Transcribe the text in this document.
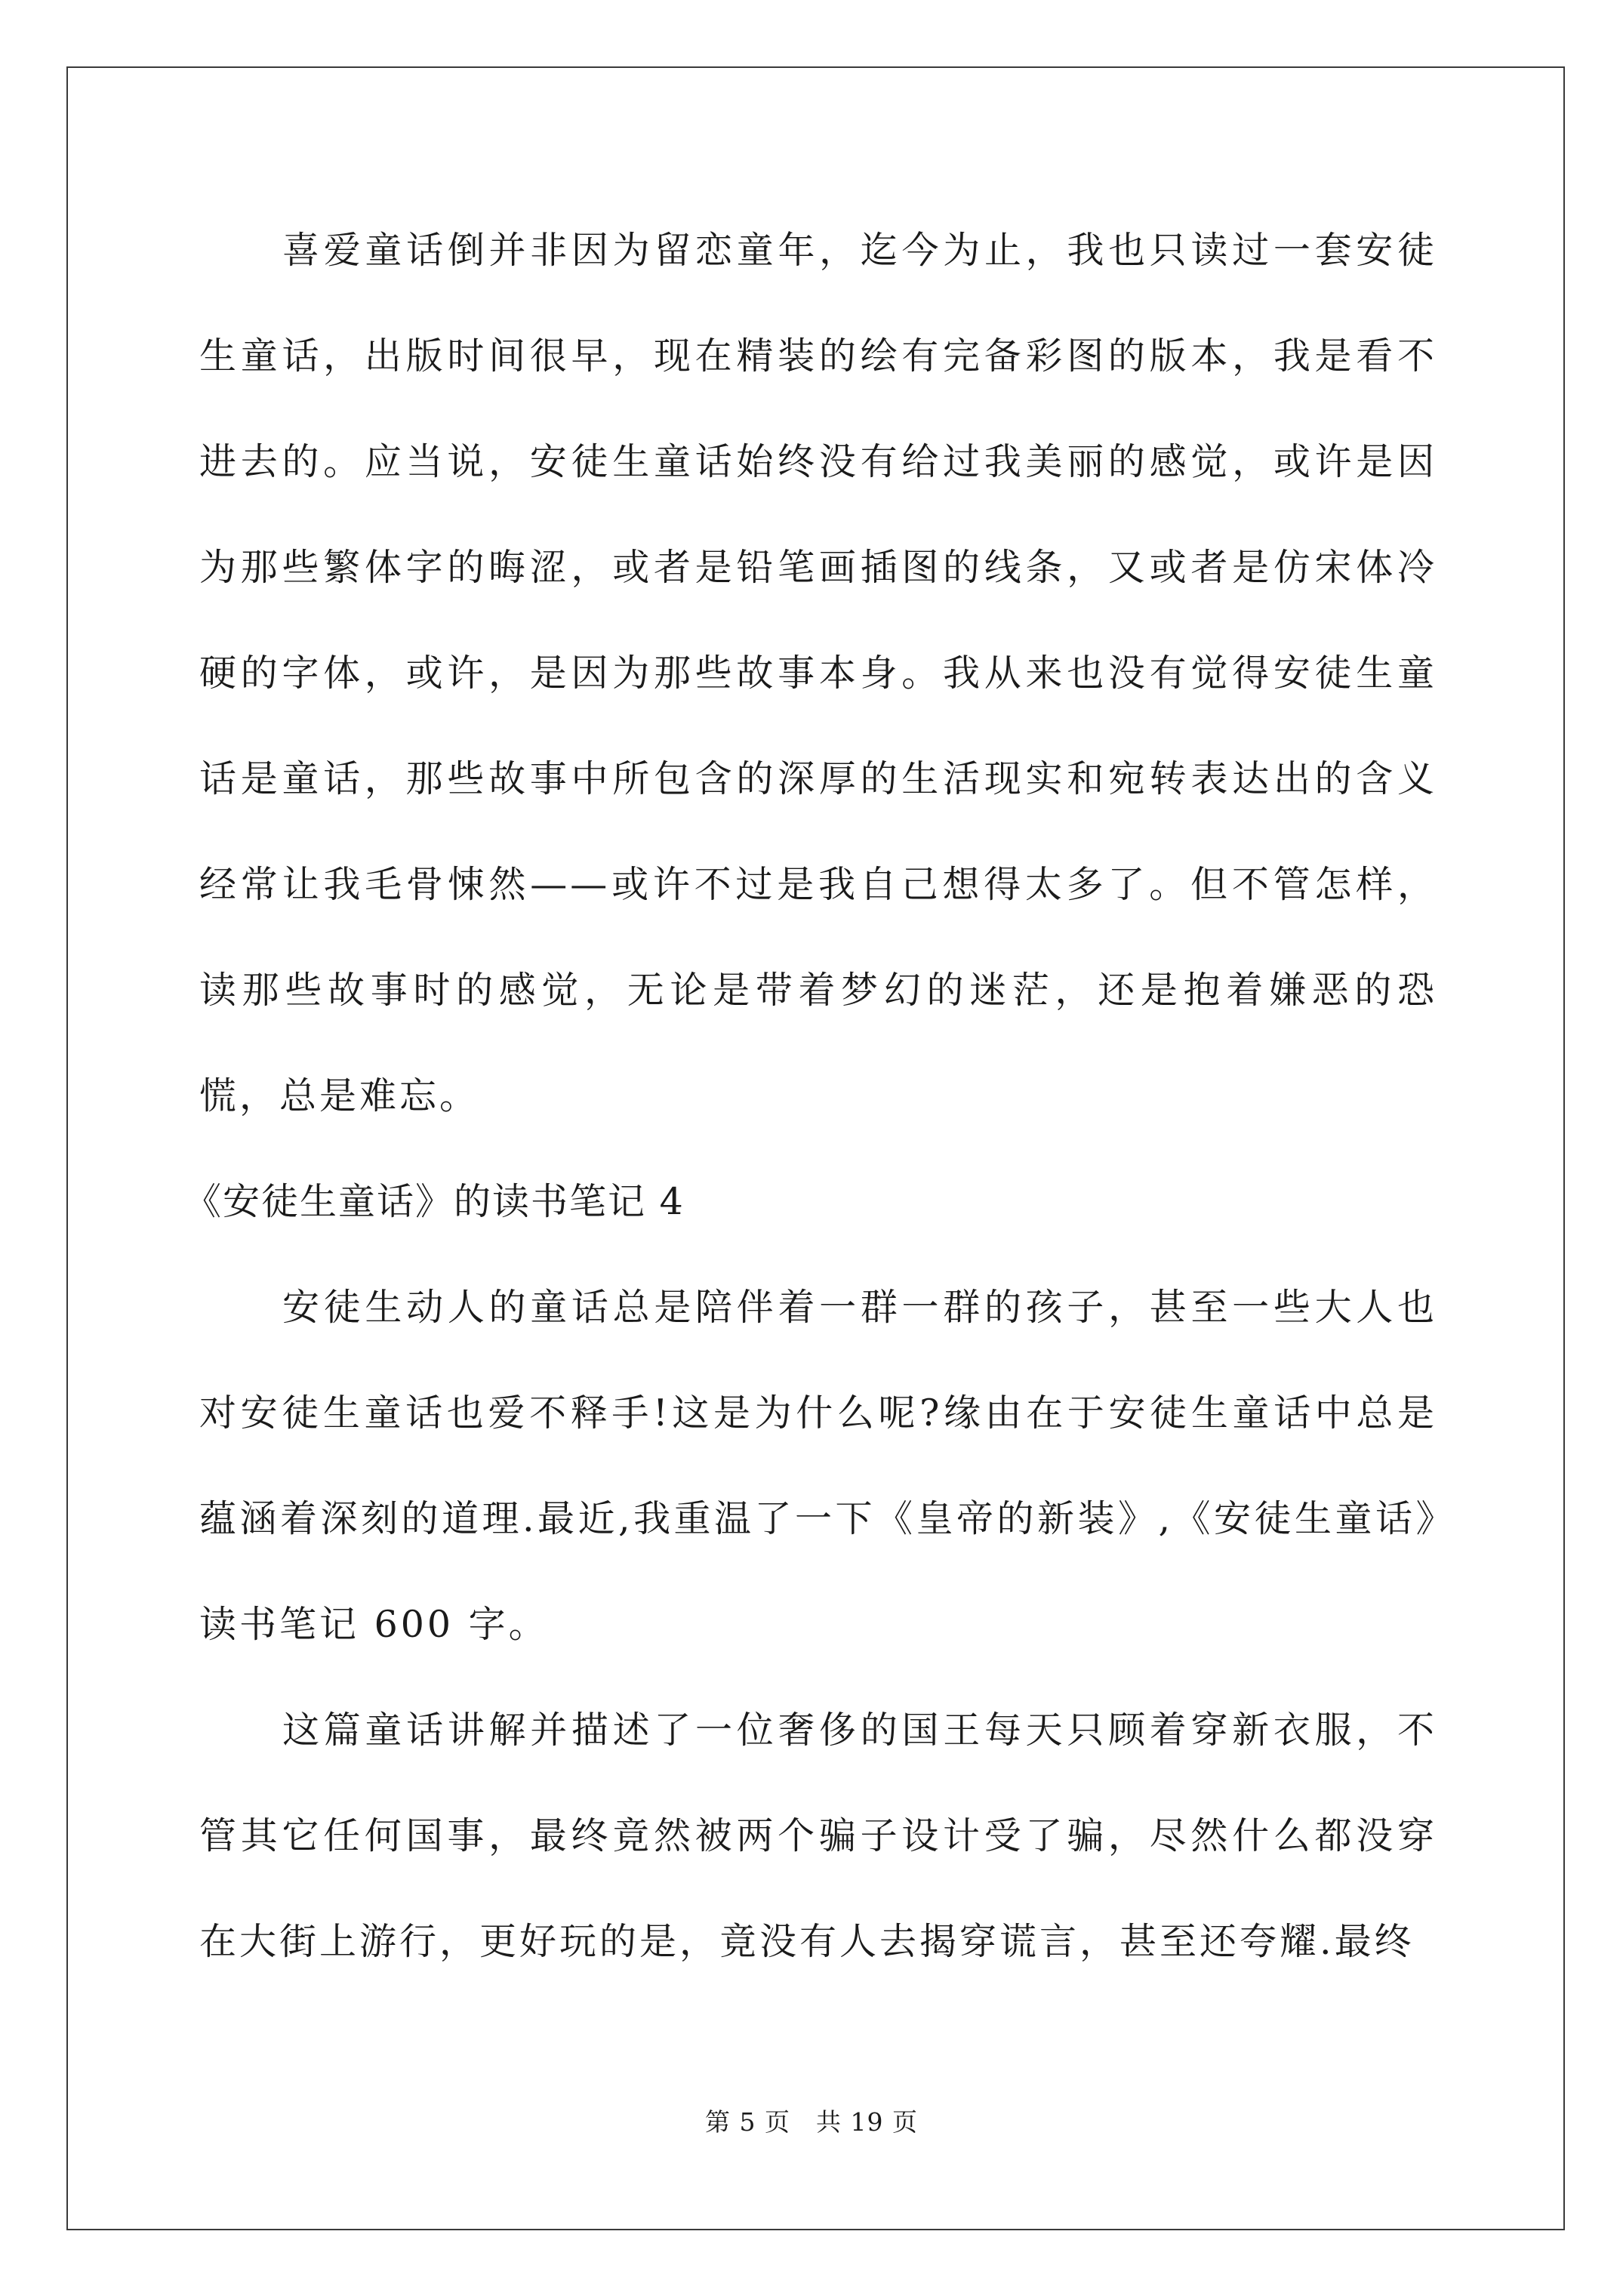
喜爱童话倒并非因为留恋童年，迄今为止，我也只读过一套安徒生童话，出版时间很早，现在精装的绘有完备彩图的版本，我是看不进去的。应当说，安徒生童话始终没有给过我美丽的感觉，或许是因为那些繁体字的晦涩，或者是铅笔画插图的线条，又或者是仿宋体冷硬的字体，或许，是因为那些故事本身。我从来也没有觉得安徒生童话是童话，那些故事中所包含的深厚的生活现实和宛转表达出的含义经常让我毛骨悚然——或许不过是我自己想得太多了。但不管怎样，读那些故事时的感觉，无论是带着梦幻的迷茫，还是抱着嫌恶的恐慌，总是难忘。

《安徒生童话》的读书笔记 4

安徒生动人的童话总是陪伴着一群一群的孩子，甚至一些大人也对安徒生童话也爱不释手!这是为什么呢?缘由在于安徒生童话中总是蕴涵着深刻的道理.最近,我重温了一下《皇帝的新装》,《安徒生童话》读书笔记 600 字。

这篇童话讲解并描述了一位奢侈的国王每天只顾着穿新衣服，不管其它任何国事，最终竟然被两个骗子设计受了骗，尽然什么都没穿在大街上游行，更好玩的是，竟没有人去揭穿谎言，甚至还夸耀.最终

第 5 页 共 19 页
